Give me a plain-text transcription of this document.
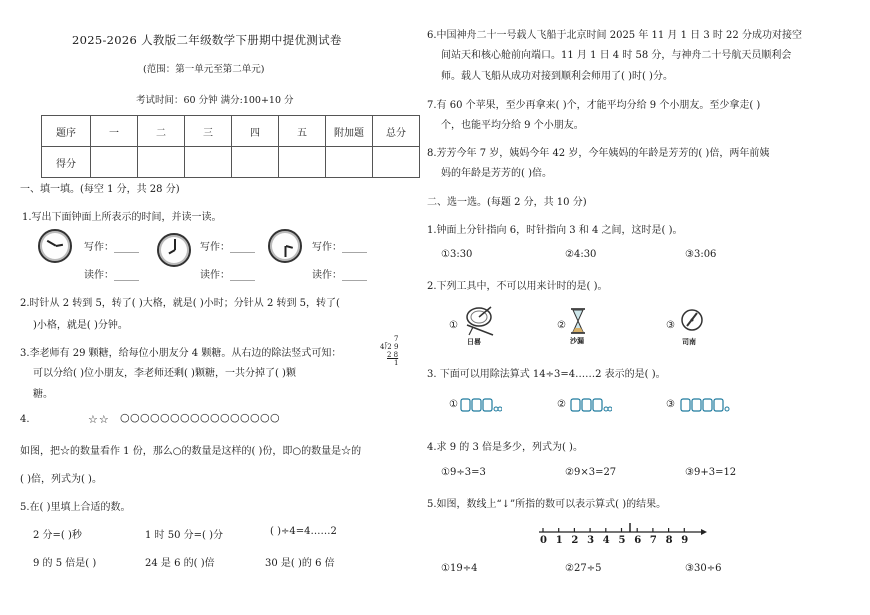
2025-2026 人教版二年级数学下册期中提优测试卷
(范围：第一单元至第二单元)
考试时间：60 分钟 满分:100+10 分
题序	一	二	三	四	五	附加题	总分
得分							
一、填一填。(每空 1 分，共 28 分)
1.写出下面钟面上所表示的时间，并读一读。
写作：_____	写作：_____	写作：_____
读作：_____	读作：_____	读作：_____
2.时针从 2 转到 5，转了( )大格，就是( )小时；分针从 2 转到 5，转了(
)小格，就是( )分钟。
3.李老师有 29 颗糖，给每位小朋友分 4 颗糖。从右边的除法竖式可知：
可以分给( )位小朋友，李老师还剩( )颗糖，一共分掉了( )颗
糖。
7
4⟌2 9
2 8
1
4.	☆☆ ○○○○○○○○○○○○○○○○
如图，把☆的数量看作 1 份，那么○的数量是这样的( )份，即○的数量是☆的
( )倍，列式为( )。
5.在( )里填上合适的数。
2 分=( )秒	1 时 50 分=( )分	( )÷4=4……2
9 的 5 倍是( )	24 是 6 的( )倍	30 是( )的 6 倍
6.中国神舟二十一号载人飞船于北京时间 2025 年 11 月 1 日 3 时 22 分成功对接空
间站天和核心舱前向端口。11 月 1 日 4 时 58 分，与神舟二十号航天员顺利会
师。载人飞船从成功对接到顺利会师用了( )时( )分。
7.有 60 个苹果，至少再拿来( )个，才能平均分给 9 个小朋友。至少拿走( )
个，也能平均分给 9 个小朋友。
8.芳芳今年 7 岁，姨妈今年 42 岁，今年姨妈的年龄是芳芳的( )倍，两年前姨
妈的年龄是芳芳的( )倍。
二、选一选。(每题 2 分，共 10 分)
1.钟面上分针指向 6，时针指向 3 和 4 之间，这时是( )。
①3:30	②4:30	③3:06
2.下列工具中，不可以用来计时的是( )。
①
日晷
②
沙漏
③
司南
3. 下面可以用除法算式 14÷3=4……2 表示的是( )。
①	②	③
4.求 9 的 3 倍是多少，列式为( )。
①9÷3=3	②9×3=27	③9+3=12
5.如图，数线上“↓”所指的数可以表示算式( )的结果。
0 1 2 3 4 5 6 7 8 9
①19÷4	②27÷5	③30÷6
